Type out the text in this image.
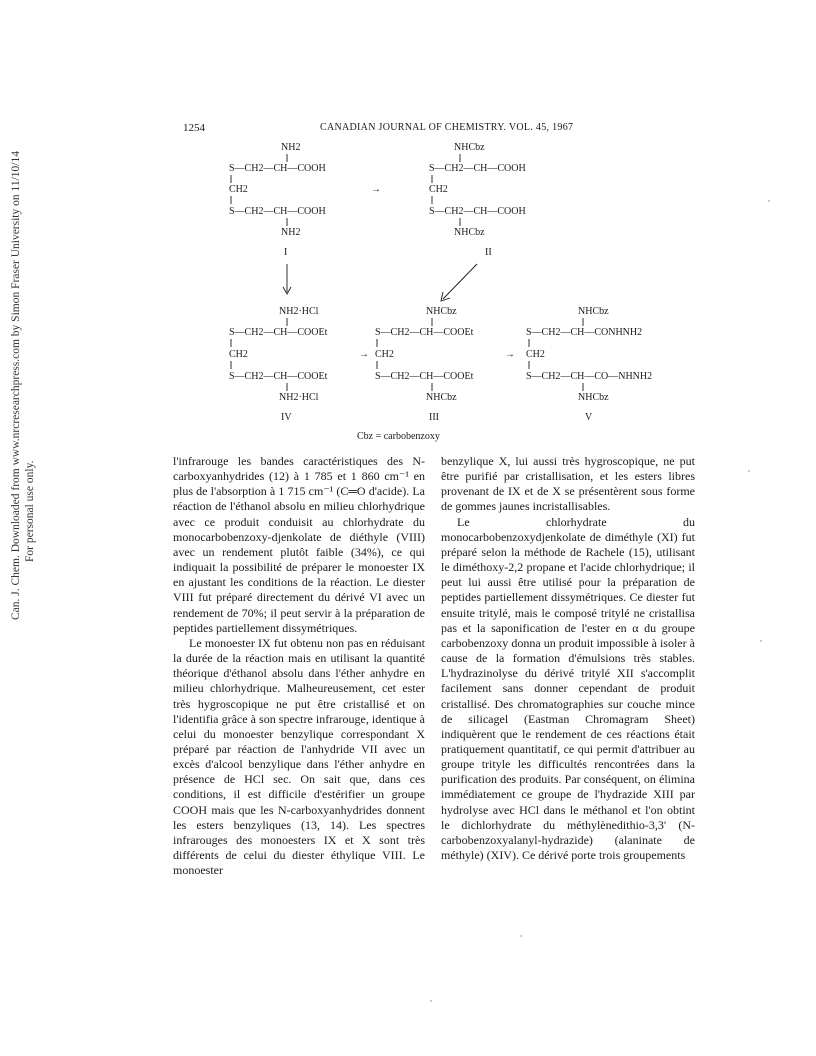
Can. J. Chem. Downloaded from www.nrcresearchpress.com by Simon Fraser University on 11/10/14 For personal use only.
1254	CANADIAN JOURNAL OF CHEMISTRY. VOL. 45, 1967
NH2
S—CH2—CH—COOH
CH2
S—CH2—CH—COOH
NH2
I
→
NHCbz
S—CH2—CH—COOH
CH2
S—CH2—CH—COOH
NHCbz
II
NH2·HCl
S—CH2—CH—COOEt
CH2
S—CH2—CH—COOEt
NH2·HCl
IV
→
NHCbz
S—CH2—CH—COOEt
CH2
S—CH2—CH—COOEt
NHCbz
III
→
NHCbz
S—CH2—CH—CONHNH2
CH2
S—CH2—CH—CO—NHNH2
NHCbz
V
Cbz = carbobenzoxy

l'infrarouge les bandes caractéristiques des N-carboxyanhydrides (12) à 1 785 et 1 860 cm⁻¹ en plus de l'absorption à 1 715 cm⁻¹ (C═O d'acide). La réaction de l'éthanol absolu en milieu chlorhydrique avec ce produit conduisit au chlorhydrate du monocarbobenzoxy-djenkolate de diéthyle (VIII) avec un rendement plutôt faible (34%), ce qui indiquait la possibilité de préparer le monoester IX en ajustant les conditions de la réaction. Le diester VIII fut préparé directement du dérivé VI avec un rendement de 70%; il peut servir à la préparation de peptides partiellement dissymétriques.

Le monoester IX fut obtenu non pas en réduisant la durée de la réaction mais en utilisant la quantité théorique d'éthanol absolu dans l'éther anhydre en milieu chlorhydrique. Malheureusement, cet ester très hygroscopique ne put être cristallisé et on l'identifia grâce à son spectre infrarouge, identique à celui du monoester benzylique correspondant X préparé par réaction de l'anhydride VII avec un excès d'alcool benzylique dans l'éther anhydre en présence de HCl sec. On sait que, dans ces conditions, il est difficile d'estérifier un groupe COOH mais que les N-carboxyanhydrides donnent les esters benzyliques (13, 14). Les spectres infrarouges des monoesters IX et X sont très différents de celui du diester éthylique VIII. Le monoester

benzylique X, lui aussi très hygroscopique, ne put être purifié par cristallisation, et les esters libres provenant de IX et de X se présentèrent sous forme de gommes jaunes incristallisables.

Le chlorhydrate du monocarbobenzoxydjenkolate de diméthyle (XI) fut préparé selon la méthode de Rachele (15), utilisant le diméthoxy-2,2 propane et l'acide chlorhydrique; il peut lui aussi être utilisé pour la préparation de peptides partiellement dissymétriques. Ce diester fut ensuite tritylé, mais le composé tritylé ne cristallisa pas et la saponification de l'ester en α du groupe carbobenzoxy donna un produit impossible à isoler à cause de la formation d'émulsions très stables. L'hydrazinolyse du dérivé tritylé XII s'accomplit facilement sans donner cependant de produit cristallisé. Des chromatographies sur couche mince de silicagel (Eastman Chromagram Sheet) indiquèrent que le rendement de ces réactions était pratiquement quantitatif, ce qui permit d'attribuer au groupe trityle les difficultés rencontrées dans la purification des produits. Par conséquent, on élimina immédiatement ce groupe de l'hydrazide XIII par hydrolyse avec HCl dans le méthanol et l'on obtint le dichlorhydrate du méthylènedithio-3,3′ (N-carbobenzoxyalanyl-hydrazide) (alaninate de méthyle) (XIV). Ce dérivé porte trois groupements
